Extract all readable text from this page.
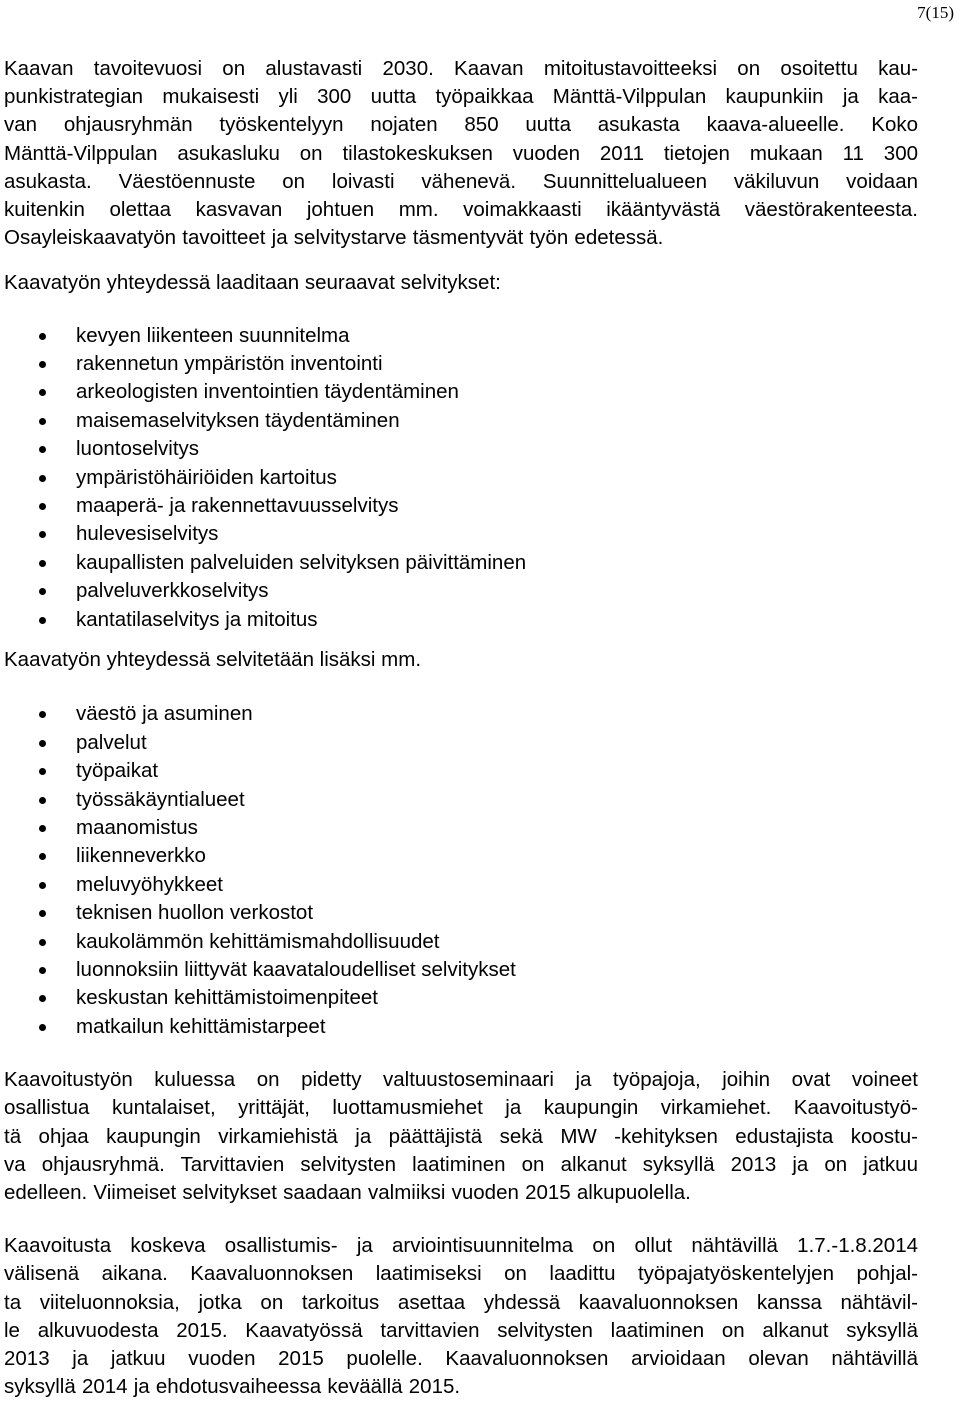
7(15)

Kaavan tavoitevuosi on alustavasti 2030. Kaavan mitoitustavoitteeksi on osoitettu kau-
punkistrategian mukaisesti yli 300 uutta työpaikkaa Mänttä-Vilppulan kaupunkiin ja kaa-
van ohjausryhmän työskentelyyn nojaten 850 uutta asukasta kaava-alueelle. Koko
Mänttä-Vilppulan asukasluku on tilastokeskuksen vuoden 2011 tietojen mukaan 11 300
asukasta. Väestöennuste on loivasti vähenevä. Suunnittelualueen väkiluvun voidaan
kuitenkin olettaa kasvavan johtuen mm. voimakkaasti ikääntyvästä väestörakenteesta.
Osayleiskaavatyön tavoitteet ja selvitystarve täsmentyvät työn edetessä.

Kaavatyön yhteydessä laaditaan seuraavat selvitykset:

kevyen liikenteen suunnitelma
rakennetun ympäristön inventointi
arkeologisten inventointien täydentäminen
maisemaselvityksen täydentäminen
luontoselvitys
ympäristöhäiriöiden kartoitus
maaperä- ja rakennettavuusselvitys
hulevesiselvitys
kaupallisten palveluiden selvityksen päivittäminen
palveluverkkoselvitys
kantatilaselvitys ja mitoitus

Kaavatyön yhteydessä selvitetään lisäksi mm.

väestö ja asuminen
palvelut
työpaikat
työssäkäyntialueet
maanomistus
liikenneverkko
meluvyöhykkeet
teknisen huollon verkostot
kaukolämmön kehittämismahdollisuudet
luonnoksiin liittyvät kaavataloudelliset selvitykset
keskustan kehittämistoimenpiteet
matkailun kehittämistarpeet

Kaavoitustyön kuluessa on pidetty valtuustoseminaari ja työpajoja, joihin ovat voineet
osallistua kuntalaiset, yrittäjät, luottamusmiehet ja kaupungin virkamiehet. Kaavoitustyö-
tä ohjaa kaupungin virkamiehistä ja päättäjistä sekä MW -kehityksen edustajista koostu-
va ohjausryhmä. Tarvittavien selvitysten laatiminen on alkanut syksyllä 2013 ja on jatkuu
edelleen. Viimeiset selvitykset saadaan valmiiksi vuoden 2015 alkupuolella.

Kaavoitusta koskeva osallistumis- ja arviointisuunnitelma on ollut nähtävillä 1.7.-1.8.2014
välisenä aikana. Kaavaluonnoksen laatimiseksi on laadittu työpajatyöskentelyjen pohjal-
ta viiteluonnoksia, jotka on tarkoitus asettaa yhdessä kaavaluonnoksen kanssa nähtävil-
le alkuvuodesta 2015. Kaavatyössä tarvittavien selvitysten laatiminen on alkanut syksyllä
2013 ja jatkuu vuoden 2015 puolelle. Kaavaluonnoksen arvioidaan olevan nähtävillä
syksyllä 2014 ja ehdotusvaiheessa keväällä 2015.
